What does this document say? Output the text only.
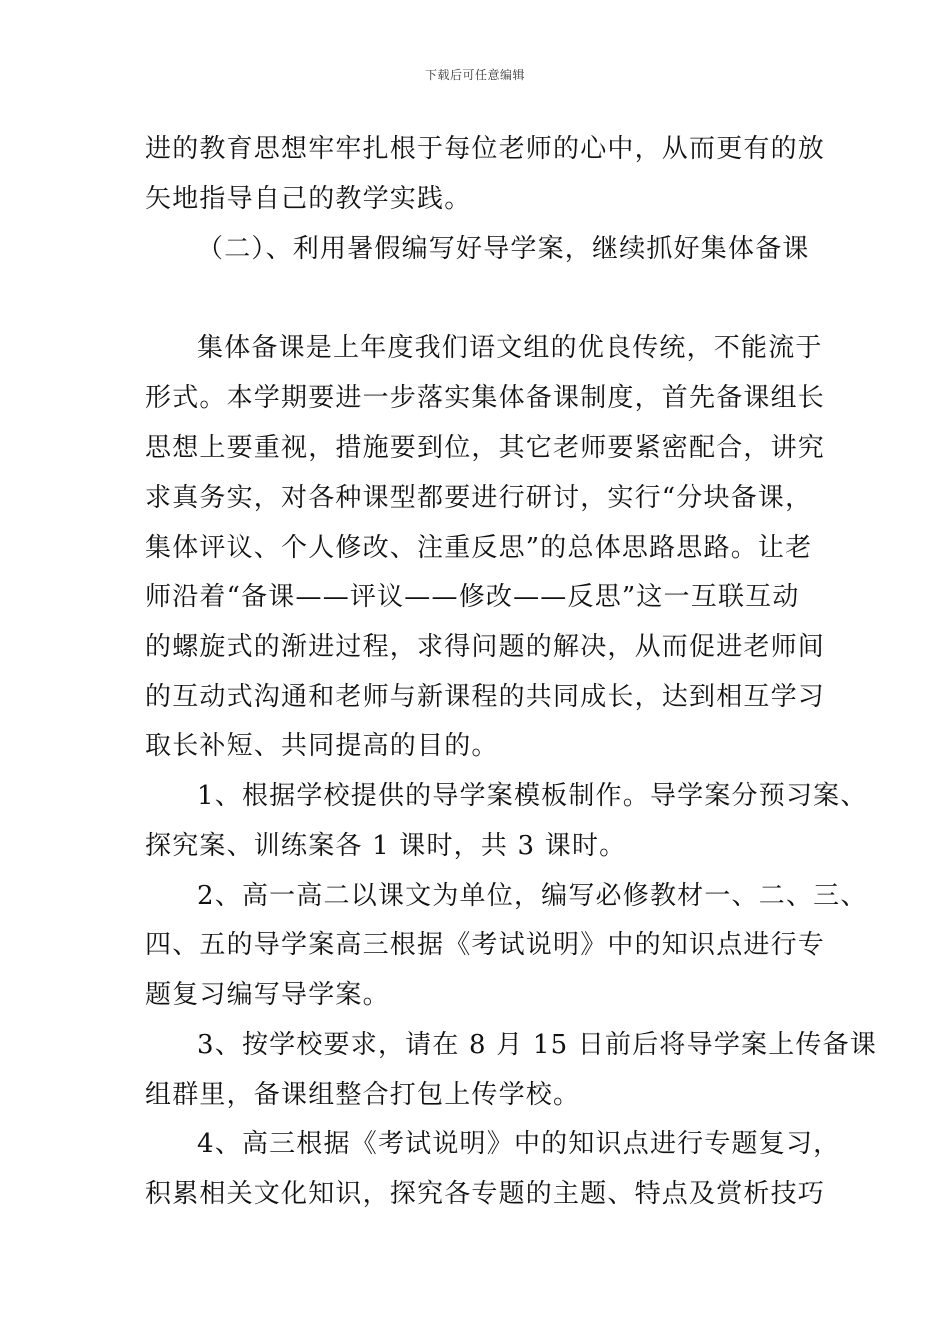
下载后可任意编辑
进的教育思想牢牢扎根于每位老师的心中，从而更有的放
矢地指导自己的教学实践。
（二）、利用暑假编写好导学案，继续抓好集体备课
集体备课是上年度我们语文组的优良传统，不能流于
形式。本学期要进一步落实集体备课制度，首先备课组长
思想上要重视，措施要到位，其它老师要紧密配合，讲究
求真务实，对各种课型都要进行研讨，实行“分块备课，
集体评议、个人修改、注重反思”的总体思路思路。让老
师沿着“备课——评议——修改——反思”这一互联互动
的螺旋式的渐进过程，求得问题的解决，从而促进老师间
的互动式沟通和老师与新课程的共同成长，达到相互学习
取长补短、共同提高的目的。
1、根据学校提供的导学案模板制作。导学案分预习案、
探究案、训练案各 1 课时，共 3 课时。
2、高一高二以课文为单位，编写必修教材一、二、三、
四、五的导学案高三根据《考试说明》中的知识点进行专
题复习编写导学案。
3、按学校要求，请在 8 月 15 日前后将导学案上传备课
组群里，备课组整合打包上传学校。
4、高三根据《考试说明》中的知识点进行专题复习，
积累相关文化知识，探究各专题的主题、特点及赏析技巧
